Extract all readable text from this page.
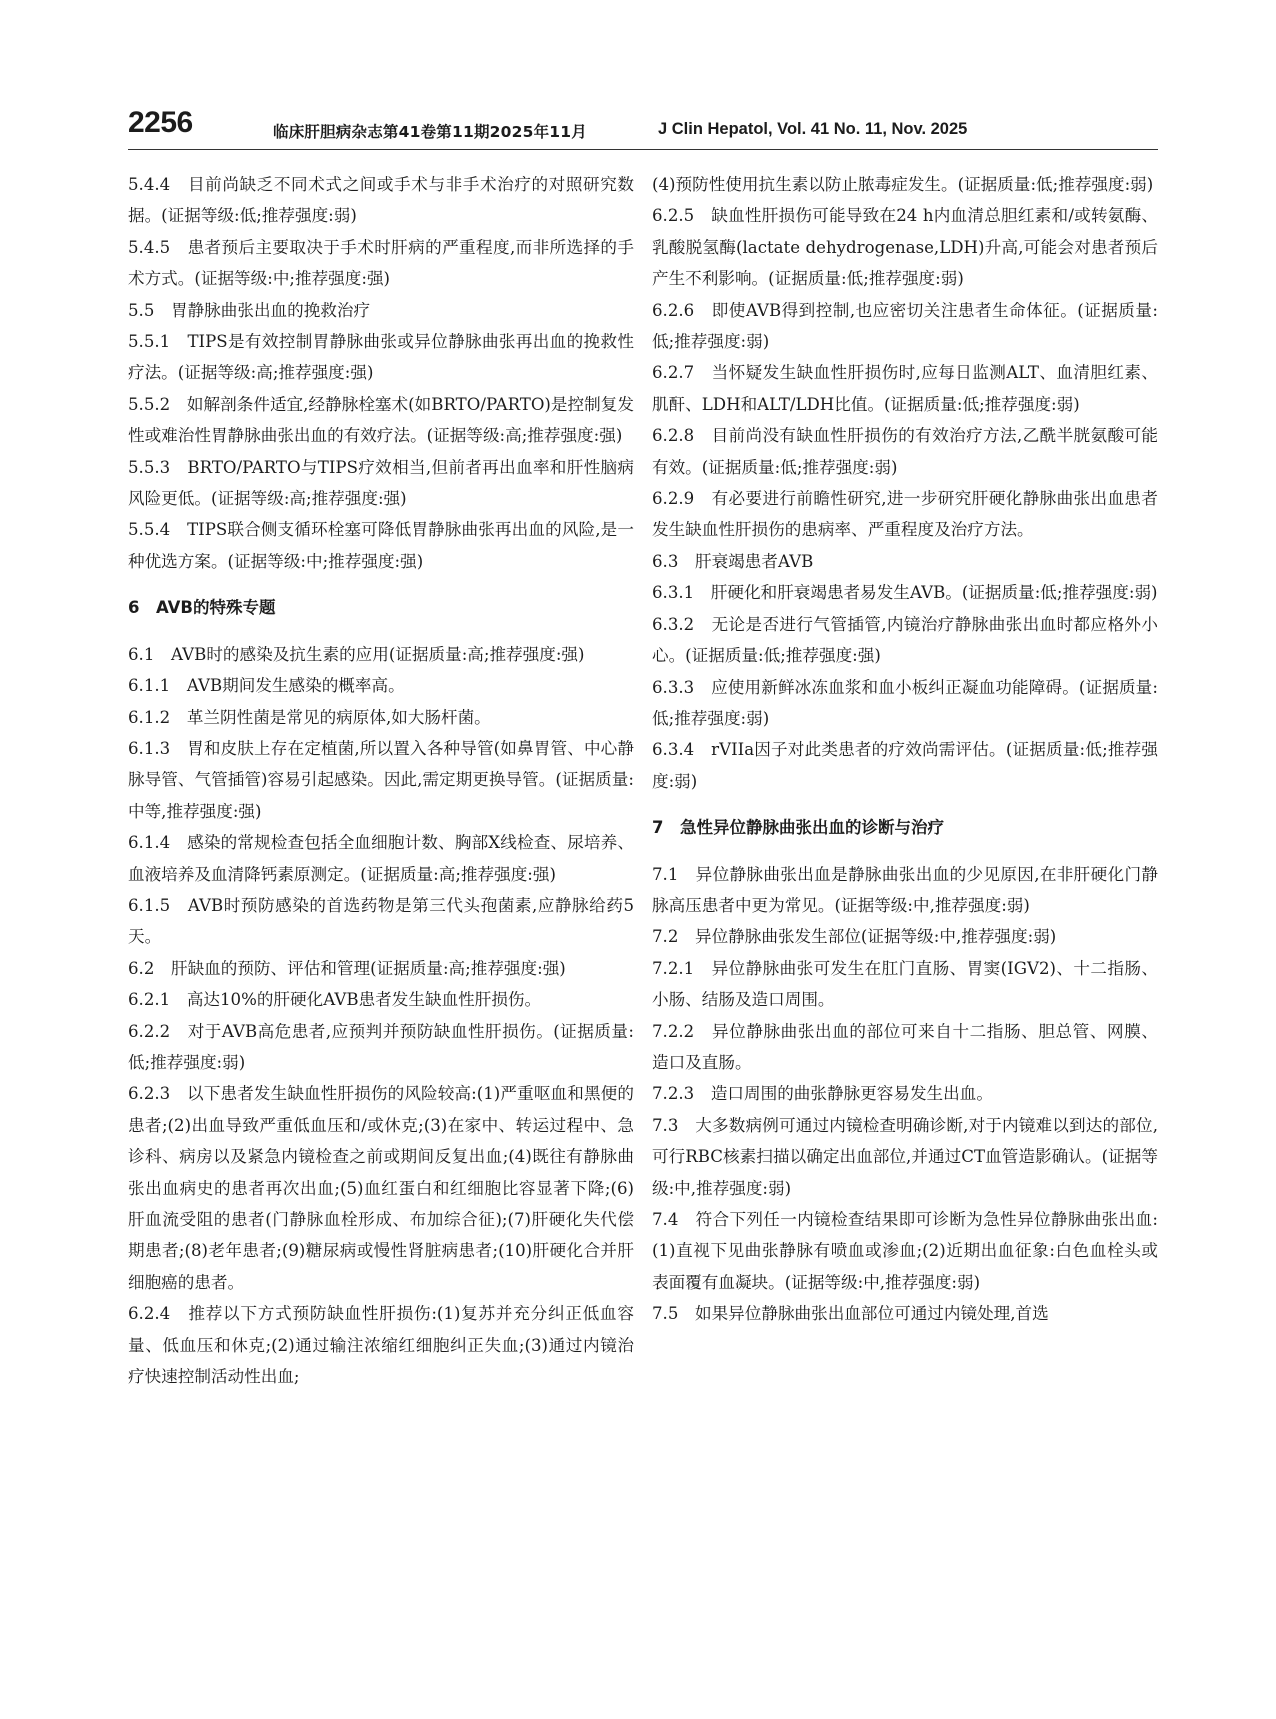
2256	临床肝胆病杂志第41卷第11期2025年11月	J Clin Hepatol, Vol. 41 No. 11, Nov. 2025

5.4.4　目前尚缺乏不同术式之间或手术与非手术治疗的对照研究数据。(证据等级:低;推荐强度:弱)

5.4.5　患者预后主要取决于手术时肝病的严重程度,而非所选择的手术方式。(证据等级:中;推荐强度:强)

5.5　胃静脉曲张出血的挽救治疗

5.5.1　TIPS是有效控制胃静脉曲张或异位静脉曲张再出血的挽救性疗法。(证据等级:高;推荐强度:强)

5.5.2　如解剖条件适宜,经静脉栓塞术(如BRTO/PARTO)是控制复发性或难治性胃静脉曲张出血的有效疗法。(证据等级:高;推荐强度:强)

5.5.3　BRTO/PARTO与TIPS疗效相当,但前者再出血率和肝性脑病风险更低。(证据等级:高;推荐强度:强)

5.5.4　TIPS联合侧支循环栓塞可降低胃静脉曲张再出血的风险,是一种优选方案。(证据等级:中;推荐强度:强)

6　AVB的特殊专题

6.1　AVB时的感染及抗生素的应用(证据质量:高;推荐强度:强)

6.1.1　AVB期间发生感染的概率高。

6.1.2　革兰阴性菌是常见的病原体,如大肠杆菌。

6.1.3　胃和皮肤上存在定植菌,所以置入各种导管(如鼻胃管、中心静脉导管、气管插管)容易引起感染。因此,需定期更换导管。(证据质量:中等,推荐强度:强)

6.1.4　感染的常规检查包括全血细胞计数、胸部X线检查、尿培养、血液培养及血清降钙素原测定。(证据质量:高;推荐强度:强)

6.1.5　AVB时预防感染的首选药物是第三代头孢菌素,应静脉给药5天。

6.2　肝缺血的预防、评估和管理(证据质量:高;推荐强度:强)

6.2.1　高达10%的肝硬化AVB患者发生缺血性肝损伤。

6.2.2　对于AVB高危患者,应预判并预防缺血性肝损伤。(证据质量:低;推荐强度:弱)

6.2.3　以下患者发生缺血性肝损伤的风险较高:(1)严重呕血和黑便的患者;(2)出血导致严重低血压和/或休克;(3)在家中、转运过程中、急诊科、病房以及紧急内镜检查之前或期间反复出血;(4)既往有静脉曲张出血病史的患者再次出血;(5)血红蛋白和红细胞比容显著下降;(6)肝血流受阻的患者(门静脉血栓形成、布加综合征);(7)肝硬化失代偿期患者;(8)老年患者;(9)糖尿病或慢性肾脏病患者;(10)肝硬化合并肝细胞癌的患者。

6.2.4　推荐以下方式预防缺血性肝损伤:(1)复苏并充分纠正低血容量、低血压和休克;(2)通过输注浓缩红细胞纠正失血;(3)通过内镜治疗快速控制活动性出血;

(4)预防性使用抗生素以防止脓毒症发生。(证据质量:低;推荐强度:弱)

6.2.5　缺血性肝损伤可能导致在24 h内血清总胆红素和/或转氨酶、乳酸脱氢酶(lactate dehydrogenase,LDH)升高,可能会对患者预后产生不利影响。(证据质量:低;推荐强度:弱)

6.2.6　即使AVB得到控制,也应密切关注患者生命体征。(证据质量:低;推荐强度:弱)

6.2.7　当怀疑发生缺血性肝损伤时,应每日监测ALT、血清胆红素、肌酐、LDH和ALT/LDH比值。(证据质量:低;推荐强度:弱)

6.2.8　目前尚没有缺血性肝损伤的有效治疗方法,乙酰半胱氨酸可能有效。(证据质量:低;推荐强度:弱)

6.2.9　有必要进行前瞻性研究,进一步研究肝硬化静脉曲张出血患者发生缺血性肝损伤的患病率、严重程度及治疗方法。

6.3　肝衰竭患者AVB

6.3.1　肝硬化和肝衰竭患者易发生AVB。(证据质量:低;推荐强度:弱)

6.3.2　无论是否进行气管插管,内镜治疗静脉曲张出血时都应格外小心。(证据质量:低;推荐强度:强)

6.3.3　应使用新鲜冰冻血浆和血小板纠正凝血功能障碍。(证据质量:低;推荐强度:弱)

6.3.4　rVIIa因子对此类患者的疗效尚需评估。(证据质量:低;推荐强度:弱)

7　急性异位静脉曲张出血的诊断与治疗

7.1　异位静脉曲张出血是静脉曲张出血的少见原因,在非肝硬化门静脉高压患者中更为常见。(证据等级:中,推荐强度:弱)

7.2　异位静脉曲张发生部位(证据等级:中,推荐强度:弱)

7.2.1　异位静脉曲张可发生在肛门直肠、胃窦(IGV2)、十二指肠、小肠、结肠及造口周围。

7.2.2　异位静脉曲张出血的部位可来自十二指肠、胆总管、网膜、造口及直肠。

7.2.3　造口周围的曲张静脉更容易发生出血。

7.3　大多数病例可通过内镜检查明确诊断,对于内镜难以到达的部位,可行RBC核素扫描以确定出血部位,并通过CT血管造影确认。(证据等级:中,推荐强度:弱)

7.4　符合下列任一内镜检查结果即可诊断为急性异位静脉曲张出血:(1)直视下见曲张静脉有喷血或渗血;(2)近期出血征象:白色血栓头或表面覆有血凝块。(证据等级:中,推荐强度:弱)

7.5　如果异位静脉曲张出血部位可通过内镜处理,首选
